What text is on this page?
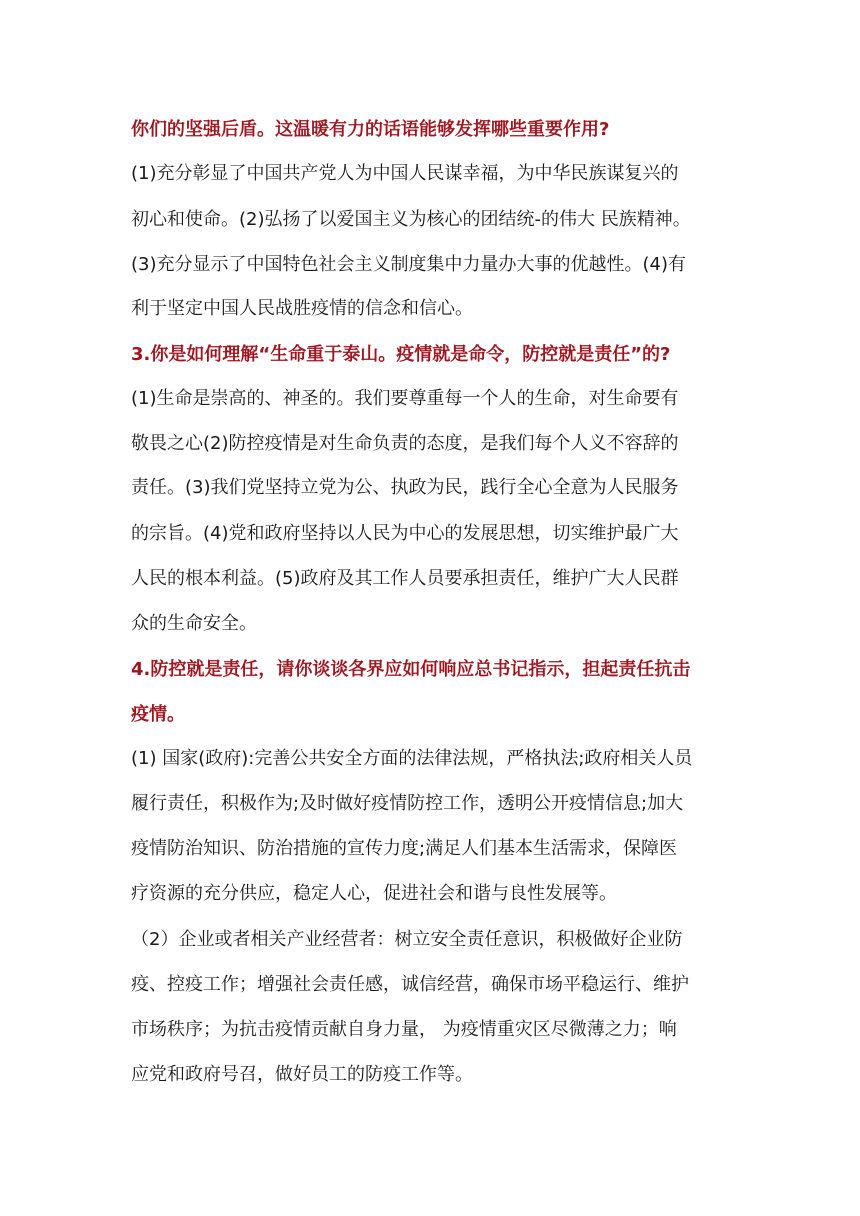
你们的坚强后盾。这温暖有力的话语能够发挥哪些重要作用?
(1)充分彰显了中国共产党人为中国人民谋幸福，为中华民族谋复兴的
初心和使命。(2)弘扬了以爱国主义为核心的团结统-的伟大 民族精神。
(3)充分显示了中国特色社会主义制度集中力量办大事的优越性。(4)有
利于坚定中国人民战胜疫情的信念和信心。
3.你是如何理解“生命重于泰山。疫情就是命令，防控就是责任”的?
(1)生命是崇高的、神圣的。我们要尊重每一个人的生命，对生命要有
敬畏之心(2)防控疫情是对生命负责的态度，是我们每个人义不容辞的
责任。(3)我们党坚持立党为公、执政为民，践行全心全意为人民服务
的宗旨。(4)党和政府坚持以人民为中心的发展思想，切实维护最广大
人民的根本利益。(5)政府及其工作人员要承担责任，维护广大人民群
众的生命安全。
4.防控就是责任，请你谈谈各界应如何响应总书记指示，担起责任抗击
疫情。
(1) 国家(政府):完善公共安全方面的法律法规，严格执法;政府相关人员
履行责任，积极作为;及时做好疫情防控工作，透明公开疫情信息;加大
疫情防治知识、防治措施的宣传力度;满足人们基本生活需求，保障医
疗资源的充分供应，稳定人心，促进社会和谐与良性发展等。
（2）企业或者相关产业经营者：树立安全责任意识，积极做好企业防
疫、控疫工作；增强社会责任感，诚信经营，确保市场平稳运行、维护
市场秩序；为抗击疫情贡献自身力量， 为疫情重灾区尽微薄之力；响
应党和政府号召，做好员工的防疫工作等。
